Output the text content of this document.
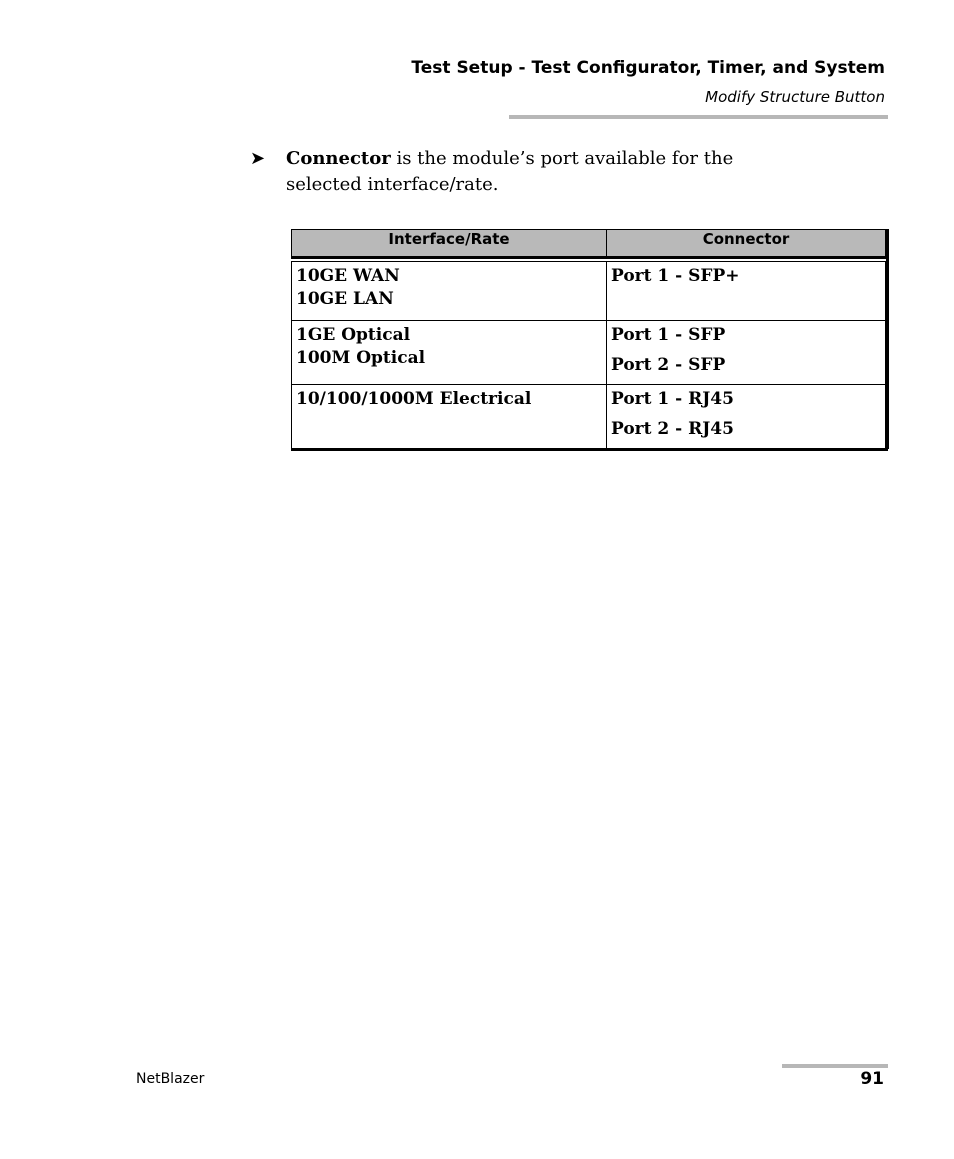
Test Setup - Test Configurator, Timer, and System
Modify Structure Button
➤ Connector is the module’s port available for the selected interface/rate.
Interface/Rate	Connector

10GE WAN
10GE LAN	Port 1 - SFP+

1GE Optical
100M Optical	Port 1 - SFP
Port 2 - SFP

10/100/1000M Electrical	Port 1 - RJ45
Port 2 - RJ45
NetBlazer	91
